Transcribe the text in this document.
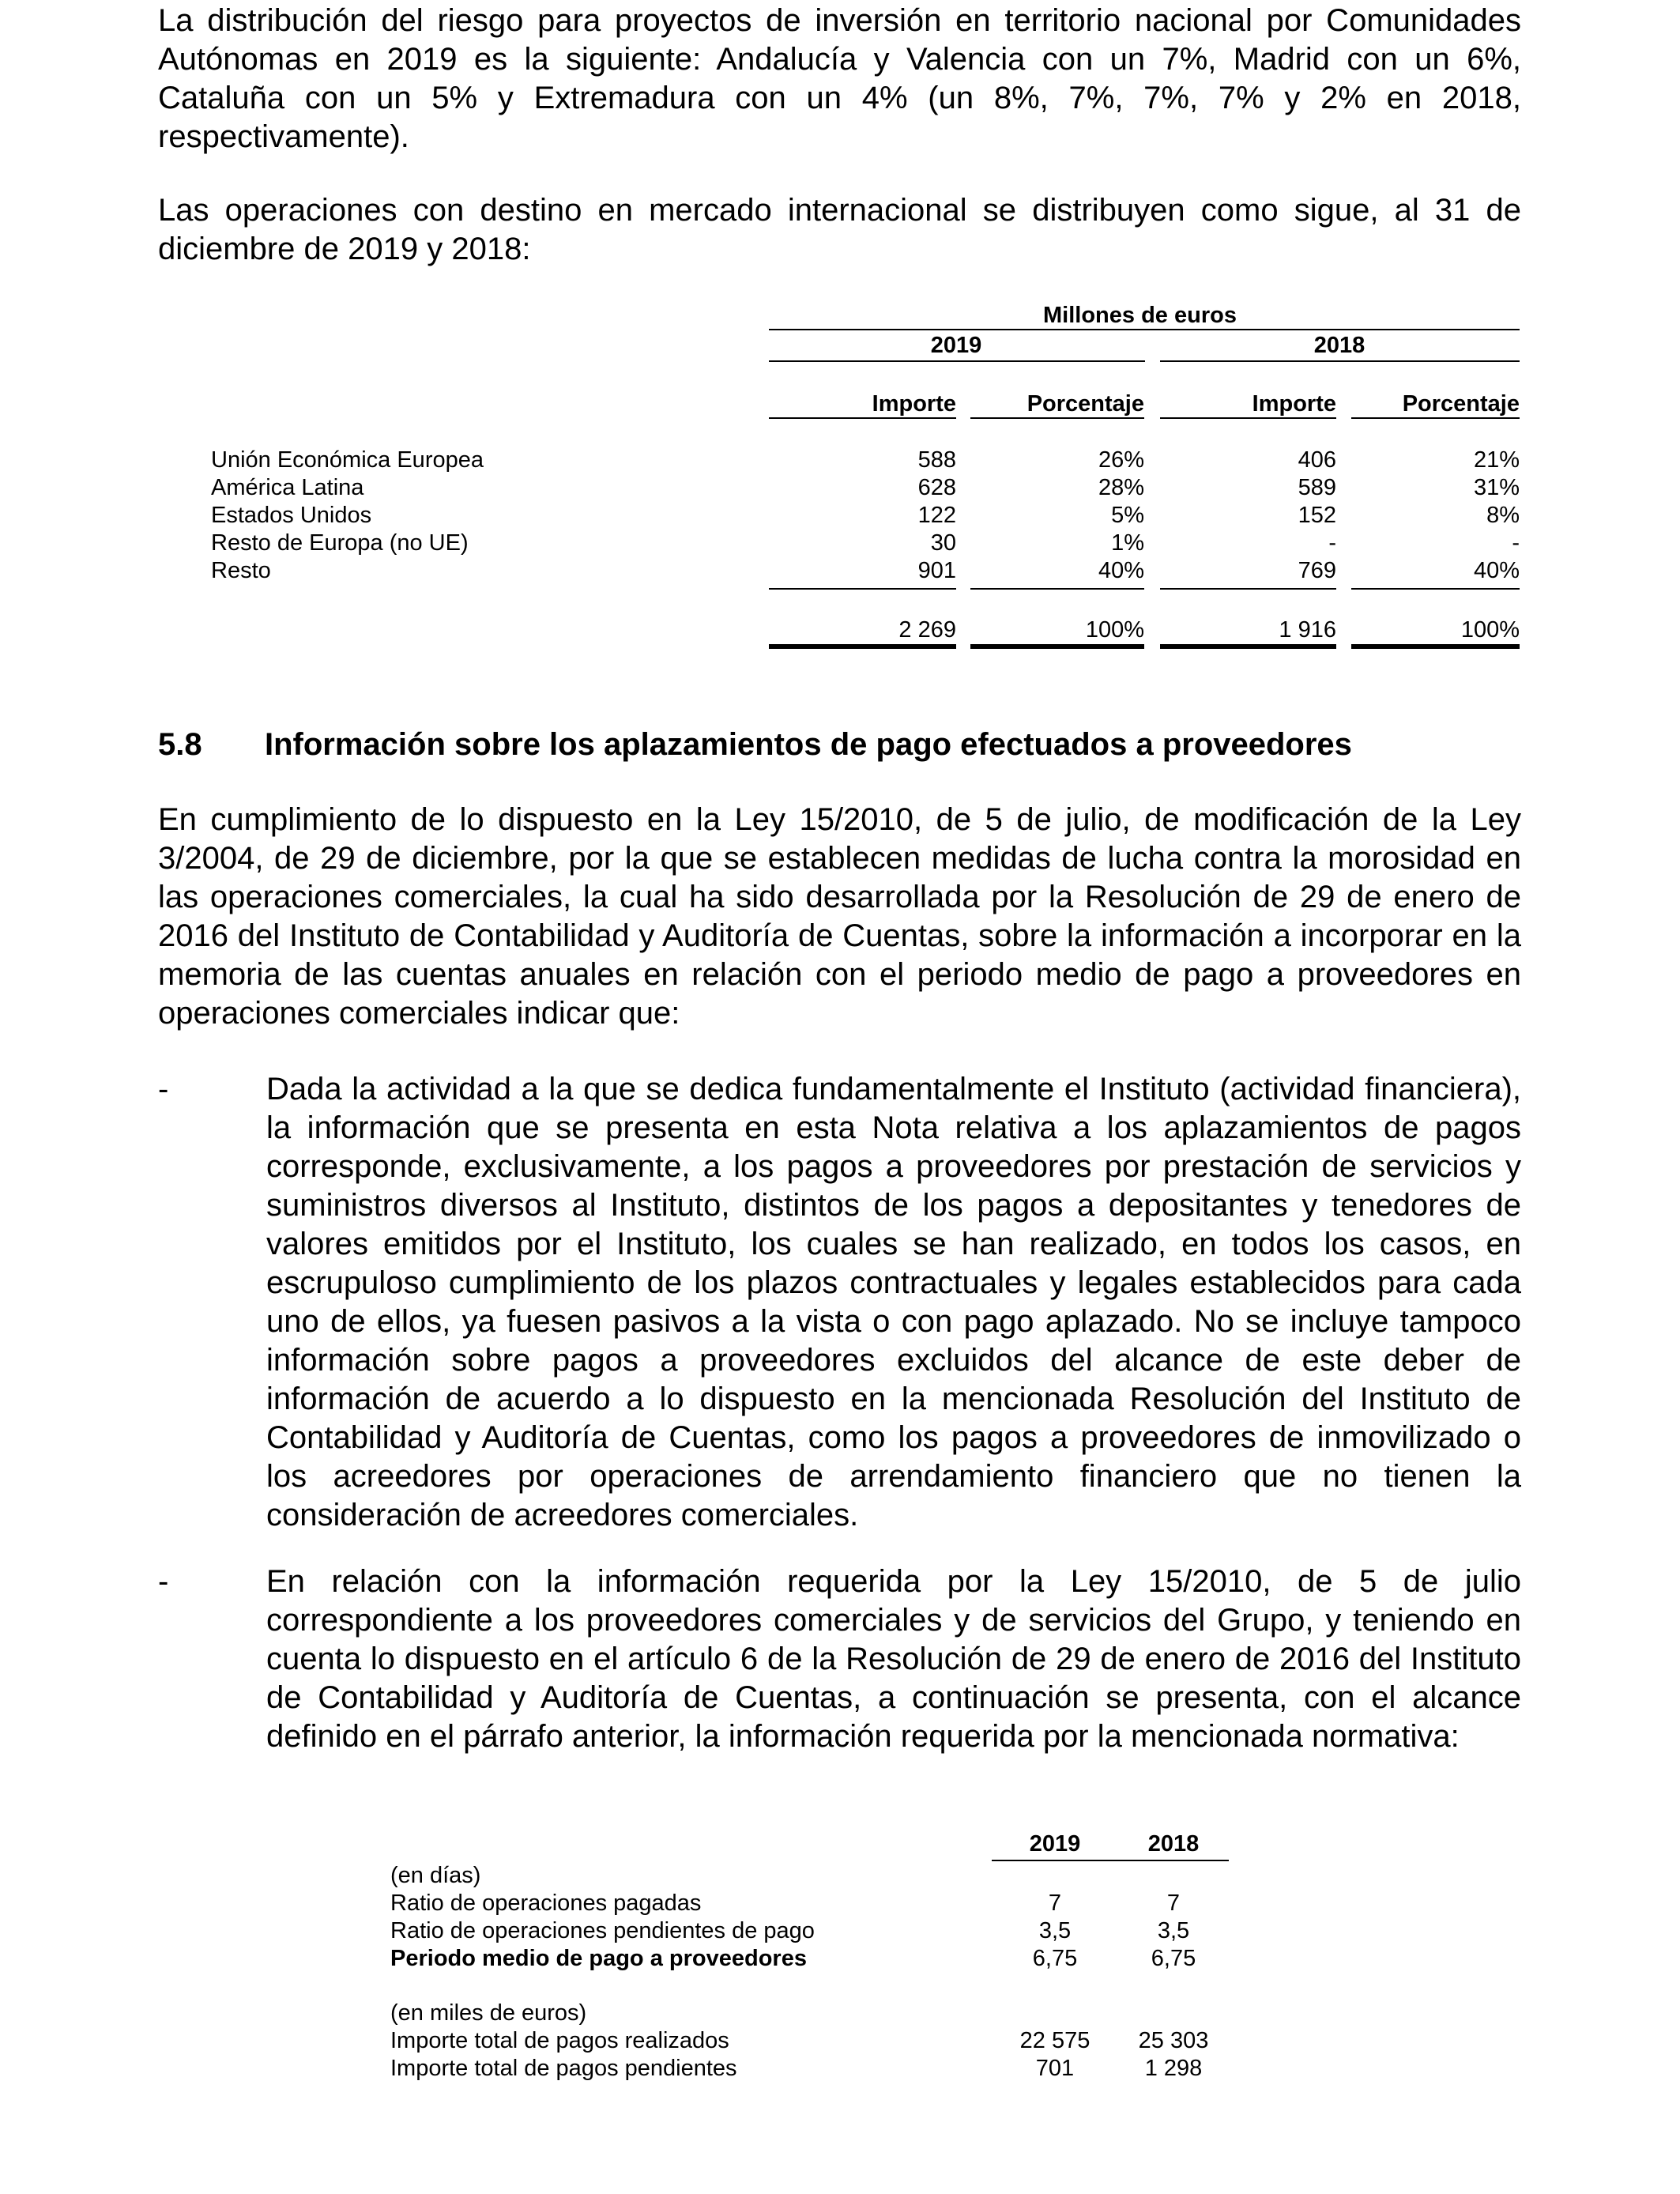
La distribución del riesgo para proyectos de inversión en territorio nacional por Comunidades Autónomas en 2019 es la siguiente: Andalucía y Valencia con un 7%, Madrid con un 6%, Cataluña con un 5% y Extremadura con un 4% (un 8%, 7%, 7%, 7% y 2% en 2018, respectivamente).

Las operaciones con destino en mercado internacional se distribuyen como sigue, al 31 de diciembre de 2019 y 2018:

Millones de euros
2019	2018
Importe	Porcentaje	Importe	Porcentaje
Unión Económica Europea	588	26%	406	21%
América Latina	628	28%	589	31%
Estados Unidos	122	5%	152	8%
Resto de Europa (no UE)	30	1%	-	-
Resto	901	40%	769	40%
2 269	100%	1 916	100%
5.8 Información sobre los aplazamientos de pago efectuados a proveedores

En cumplimiento de lo dispuesto en la Ley 15/2010, de 5 de julio, de modificación de la Ley 3/2004, de 29 de diciembre, por la que se establecen medidas de lucha contra la morosidad en las operaciones comerciales, la cual ha sido desarrollada por la Resolución de 29 de enero de 2016 del Instituto de Contabilidad y Auditoría de Cuentas, sobre la información a incorporar en la memoria de las cuentas anuales en relación con el periodo medio de pago a proveedores en operaciones comerciales indicar que:

-	Dada la actividad a la que se dedica fundamentalmente el Instituto (actividad financiera), la información que se presenta en esta Nota relativa a los aplazamientos de pagos corresponde, exclusivamente, a los pagos a proveedores por prestación de servicios y suministros diversos al Instituto, distintos de los pagos a depositantes y tenedores de valores emitidos por el Instituto, los cuales se han realizado, en todos los casos, en escrupuloso cumplimiento de los plazos contractuales y legales establecidos para cada uno de ellos, ya fuesen pasivos a la vista o con pago aplazado. No se incluye tampoco información sobre pagos a proveedores excluidos del alcance de este deber de información de acuerdo a lo dispuesto en la mencionada Resolución del Instituto de Contabilidad y Auditoría de Cuentas, como los pagos a proveedores de inmovilizado o los acreedores por operaciones de arrendamiento financiero que no tienen la consideración de acreedores comerciales.

-	En relación con la información requerida por la Ley 15/2010, de 5 de julio correspondiente a los proveedores comerciales y de servicios del Grupo, y teniendo en cuenta lo dispuesto en el artículo 6 de la Resolución de 29 de enero de 2016 del Instituto de Contabilidad y Auditoría de Cuentas, a continuación se presenta, con el alcance definido en el párrafo anterior, la información requerida por la mencionada normativa:

2019	2018
(en días)
Ratio de operaciones pagadas	7	7
Ratio de operaciones pendientes de pago	3,5	3,5
Periodo medio de pago a proveedores	6,75	6,75
(en miles de euros)
Importe total de pagos realizados	22 575	25 303
Importe total de pagos pendientes	701	1 298
